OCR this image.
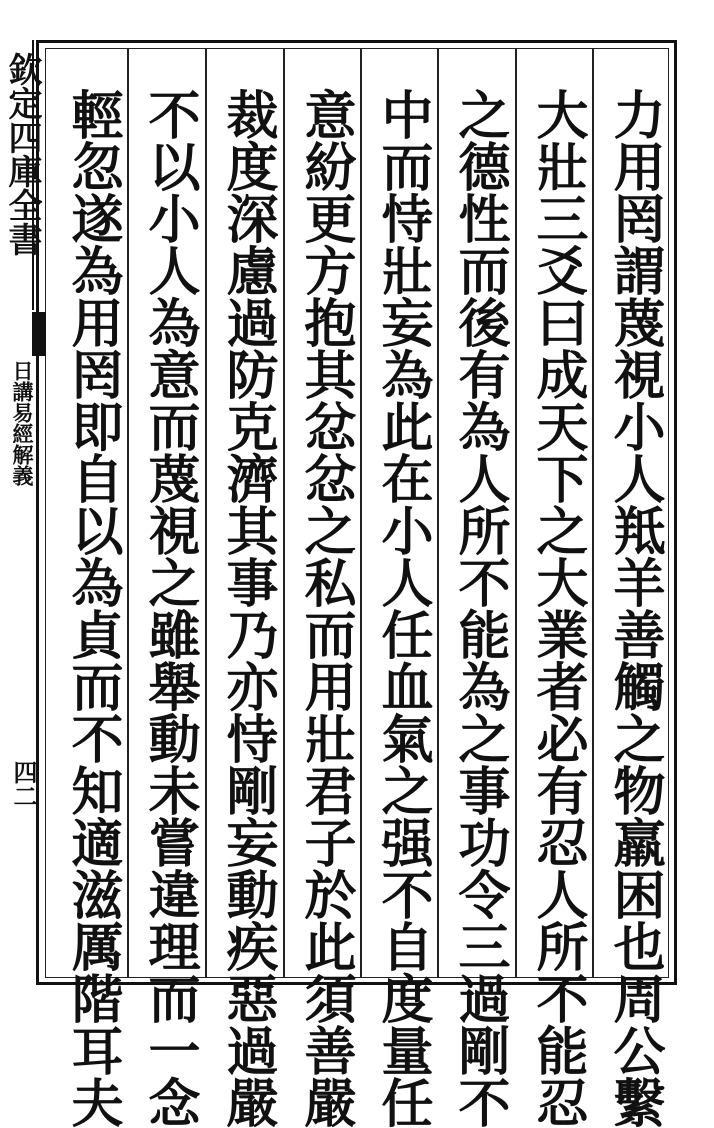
欽定四庫全書
日講易經解義
四二	力用罔謂蔑視小人羝羊善觸之物羸困也周公繫
大壯三爻曰成天下之大業者必有忍人所不能忍
之德性而後有為人所不能為之事功令三過剛不
中而恃壯妄為此在小人任血氣之强不自度量任
意紛更方抱其忿忿之私而用壯君子於此須善嚴
裁度深慮過防克濟其事乃亦恃剛妄動疾惡過嚴
不以小人為意而蔑視之雖舉動未嘗違理而一念
輕忽遂為用罔即自以為貞而不知適滋厲階耳夫
